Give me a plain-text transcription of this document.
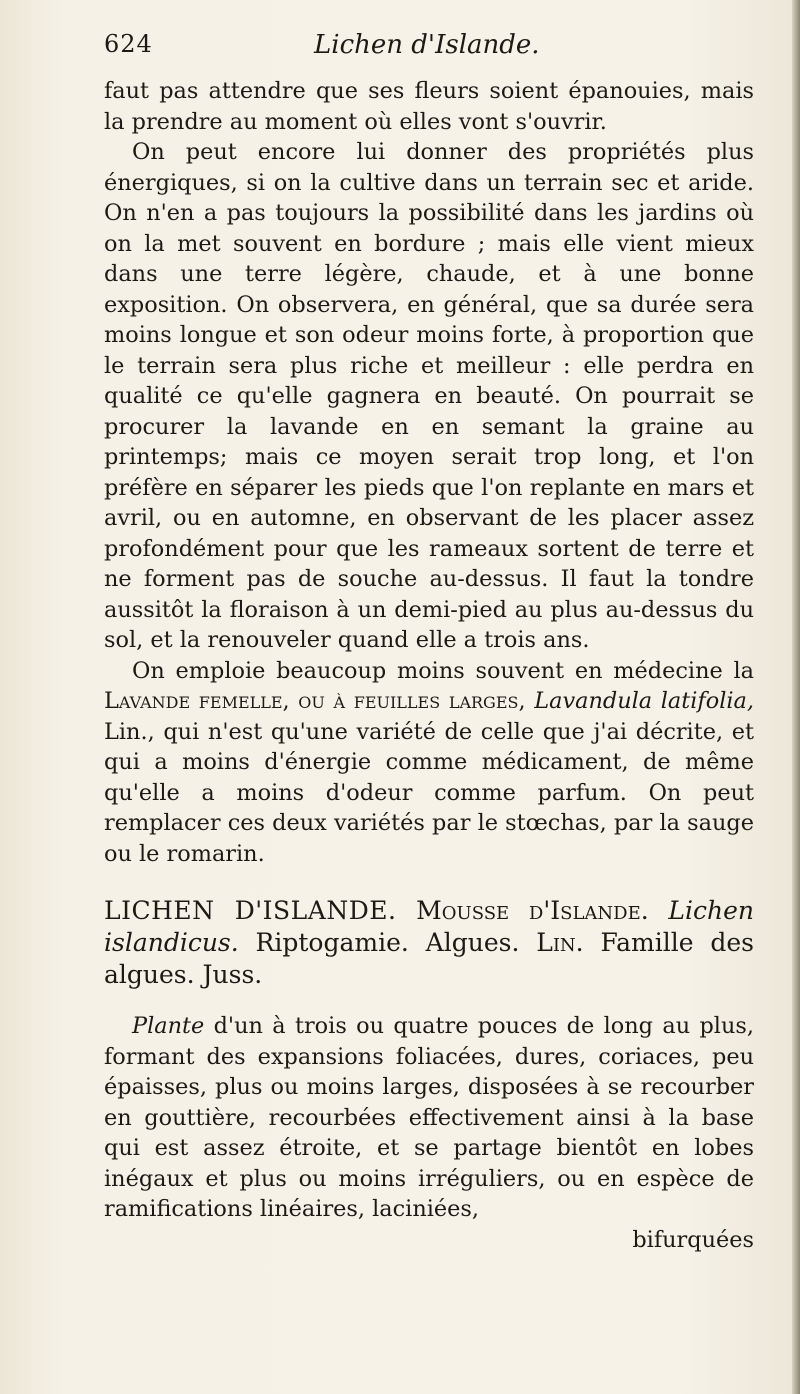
624	Lichen d'Islande.

faut pas attendre que ses fleurs soient épanouies, mais la prendre au moment où elles vont s'ouvrir.

On peut encore lui donner des propriétés plus énergiques, si on la cultive dans un terrain sec et aride. On n'en a pas toujours la possibilité dans les jardins où on la met souvent en bordure ; mais elle vient mieux dans une terre légère, chaude, et à une bonne exposition. On observera, en général, que sa durée sera moins longue et son odeur moins forte, à proportion que le terrain sera plus riche et meilleur : elle perdra en qualité ce qu'elle gagnera en beauté. On pourrait se procurer la lavande en en semant la graine au printemps; mais ce moyen serait trop long, et l'on préfère en séparer les pieds que l'on replante en mars et avril, ou en automne, en observant de les placer assez profondément pour que les rameaux sortent de terre et ne forment pas de souche au-dessus. Il faut la tondre aussitôt la floraison à un demi-pied au plus au-dessus du sol, et la renouveler quand elle a trois ans.

On emploie beaucoup moins souvent en médecine la Lavande femelle, ou à feuilles larges, Lavandula latifolia, Lin., qui n'est qu'une variété de celle que j'ai décrite, et qui a moins d'énergie comme médicament, de même qu'elle a moins d'odeur comme parfum. On peut remplacer ces deux variétés par le stœchas, par la sauge ou le romarin.

LICHEN D'ISLANDE. Mousse d'Islande. Lichen islandicus. Riptogamie. Algues. Lin. Famille des algues. Juss.

Plante d'un à trois ou quatre pouces de long au plus, formant des expansions foliacées, dures, coriaces, peu épaisses, plus ou moins larges, disposées à se recourber en gouttière, recourbées effectivement ainsi à la base qui est assez étroite, et se partage bientôt en lobes inégaux et plus ou moins irréguliers, ou en espèce de ramifications linéaires, laciniées,

bifurquées
